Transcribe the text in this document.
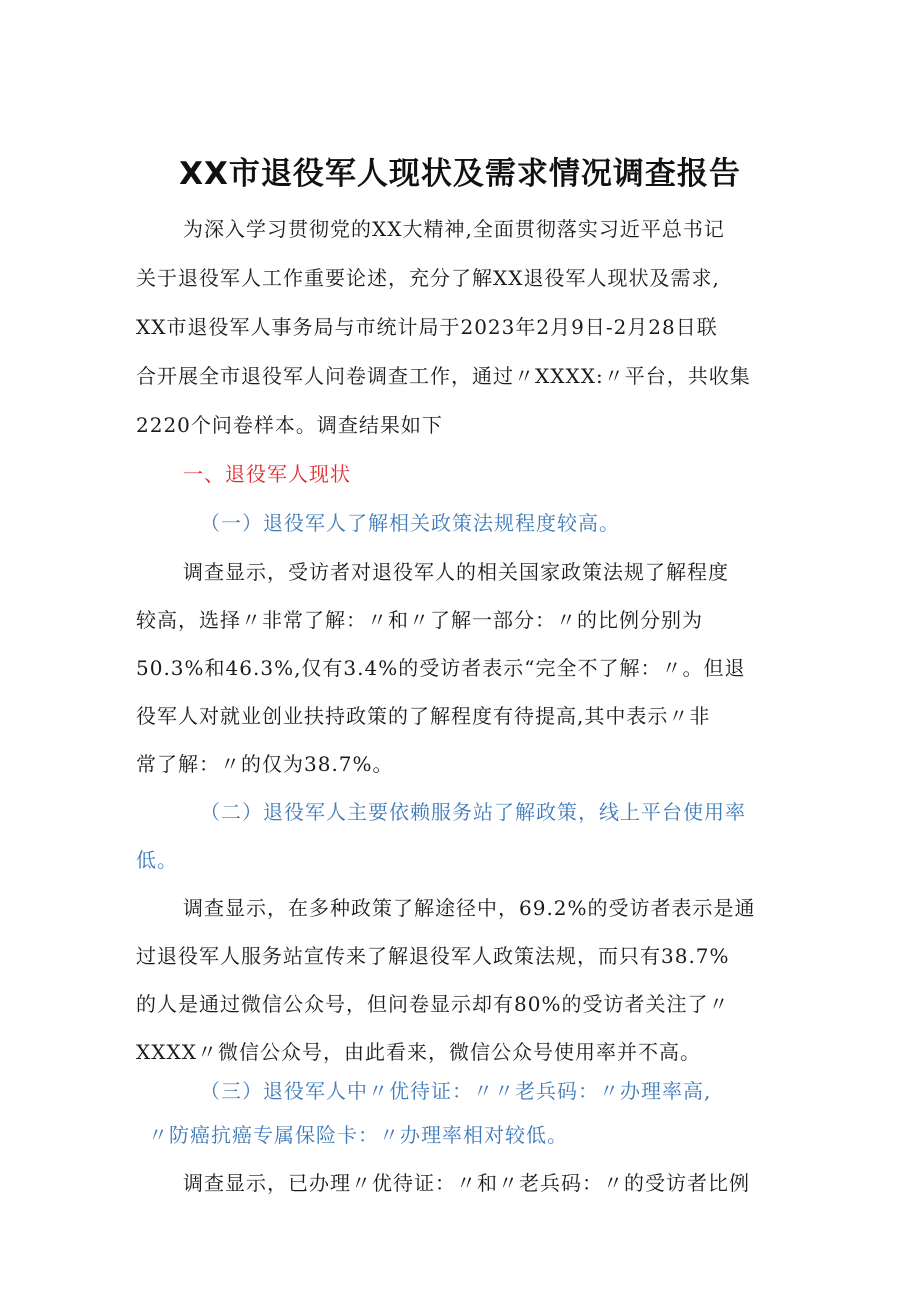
XX市退役军人现状及需求情况调查报告
为深入学习贯彻党的XX大精神,全面贯彻落实习近平总书记
关于退役军人工作重要论述，充分了解XX退役军人现状及需求,
XX市退役军人事务局与市统计局于2023年2月9日-2月28日联
合开展全市退役军人问卷调查工作，通过〃XXXX:〃平台，共收集
2220个问卷样本。调查结果如下
一、退役军人现状
（一）退役军人了解相关政策法规程度较高。
调查显示，受访者对退役军人的相关国家政策法规了解程度
较高，选择〃非常了解：〃和〃了解一部分：〃的比例分别为
50.3%和46.3%,仅有3.4%的受访者表示“完全不了解：〃。但退
役军人对就业创业扶持政策的了解程度有待提高,其中表示〃非
常了解：〃的仅为38.7%。
（二）退役军人主要依赖服务站了解政策，线上平台使用率
低。
调查显示，在多种政策了解途径中，69.2%的受访者表示是通
过退役军人服务站宣传来了解退役军人政策法规，而只有38.7%
的人是通过微信公众号，但问卷显示却有80%的受访者关注了〃
XXXX〃微信公众号，由此看来，微信公众号使用率并不高。
（三）退役军人中〃优待证：〃〃老兵码：〃办理率高,
〃防癌抗癌专属保险卡：〃办理率相对较低。
调查显示，已办理〃优待证：〃和〃老兵码：〃的受访者比例
